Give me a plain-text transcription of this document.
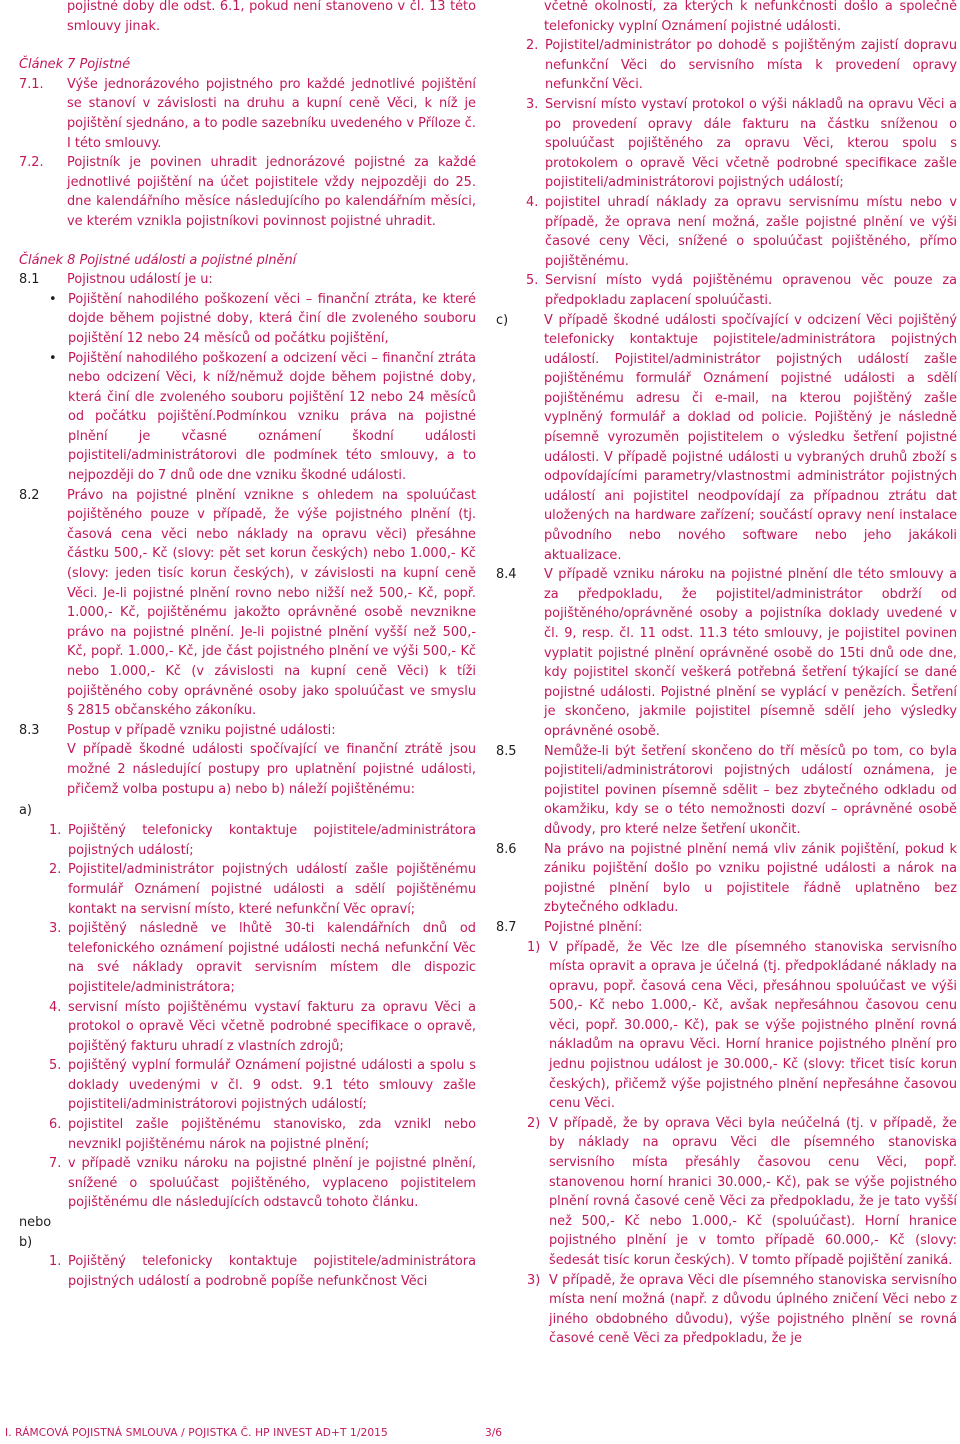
pojistné doby dle odst. 6.1, pokud není stanoveno v čl. 13 této smlouvy jinak.

Článek 7 Pojistné

7.1.	Výše jednorázového pojistného pro každé jednotlivé pojištění se stanoví v závislosti na druhu a kupní ceně Věci, k níž je pojištění sjednáno, a to podle sazebníku uvedeného v Příloze č. I této smlouvy.
7.2.	Pojistník je povinen uhradit jednorázové pojistné za každé jednotlivé pojištění na účet pojistitele vždy nejpozději do 25. dne kalendářního měsíce následujícího po kalendářním měsíci, ve kterém vznikla pojistníkovi povinnost pojistné uhradit.

Článek 8 Pojistné události a pojistné plnění

8.1	Pojistnou událostí je u:
• Pojištění nahodilého poškození věci – finanční ztráta, ke které dojde během pojistné doby, která činí dle zvoleného souboru pojištění 12 nebo 24 měsíců od počátku pojištění,
• Pojištění nahodilého poškození a odcizení věci – finanční ztráta nebo odcizení Věci, k níž/němuž dojde během pojistné doby, která činí dle zvoleného souboru pojištění 12 nebo 24 měsíců od počátku pojištění.Podmínkou vzniku práva na pojistné plnění je včasné oznámení škodní události pojistiteli/administrátorovi dle podmínek této smlouvy, a to nejpozději do 7 dnů ode dne vzniku škodné události.
8.2	Právo na pojistné plnění vznikne s ohledem na spoluúčast pojištěného pouze v případě, že výše pojistného plnění (tj. časová cena věci nebo náklady na opravu věci) přesáhne částku 500,- Kč (slovy: pět set korun českých) nebo 1.000,- Kč (slovy: jeden tisíc korun českých), v závislosti na kupní ceně Věci. Je-li pojistné plnění rovno nebo nižší než 500,- Kč, popř. 1.000,- Kč, pojištěnému jakožto oprávněné osobě nevznikne právo na pojistné plnění. Je-li pojistné plnění vyšší než 500,- Kč, popř. 1.000,- Kč, jde část pojistného plnění ve výši 500,- Kč nebo 1.000,- Kč (v závislosti na kupní ceně Věci) k tíži pojištěného coby oprávněné osoby jako spoluúčast ve smyslu § 2815 občanského zákoníku.
8.3	Postup v případě vzniku pojistné události:
V případě škodné události spočívající ve finanční ztrátě jsou možné 2 následující postupy pro uplatnění pojistné události, přičemž volba postupu a) nebo b) náleží pojištěnému:
a)
1. Pojištěný telefonicky kontaktuje pojistitele/administrátora pojistných událostí;
2. Pojistitel/administrátor pojistných událostí zašle pojištěnému formulář Oznámení pojistné události a sdělí pojištěnému kontakt na servisní místo, které nefunkční Věc opraví;
3. pojištěný následně ve lhůtě 30-ti kalendářních dnů od telefonického oznámení pojistné události nechá nefunkční Věc na své náklady opravit servisním místem dle dispozic pojistitele/administrátora;
4. servisní místo pojištěnému vystaví fakturu za opravu Věci a protokol o opravě Věci včetně podrobné specifikace o opravě, pojištěný fakturu uhradí z vlastních zdrojů;
5. pojištěný vyplní formulář Oznámení pojistné události a spolu s doklady uvedenými v čl. 9 odst. 9.1 této smlouvy zašle pojistiteli/administrátorovi pojistných událostí;
6. pojistitel zašle pojištěnému stanovisko, zda vznikl nebo nevznikl pojištěnému nárok na pojistné plnění;
7. v případě vzniku nároku na pojistné plnění je pojistné plnění, snížené o spoluúčast pojištěného, vyplaceno pojistitelem pojištěnému dle následujících odstavců tohoto článku.
nebo
b)
1. Pojištěný telefonicky kontaktuje pojistitele/administrátora pojistných událostí a podrobně popíše nefunkčnost Věci

včetně okolností, za kterých k nefunkčnosti došlo a společně telefonicky vyplní Oznámení pojistné události.

2. Pojistitel/administrátor po dohodě s pojištěným zajistí dopravu nefunkční Věci do servisního místa k provedení opravy nefunkční Věci.
3. Servisní místo vystaví protokol o výši nákladů na opravu Věci a po provedení opravy dále fakturu na částku sníženou o spoluúčast pojištěného za opravu Věci, kterou spolu s protokolem o opravě Věci včetně podrobné specifikace zašle pojistiteli/administrátorovi pojistných událostí;
4. pojistitel uhradí náklady za opravu servisnímu místu nebo v případě, že oprava není možná, zašle pojistné plnění ve výši časové ceny Věci, snížené o spoluúčast pojištěného, přímo pojištěnému.
5. Servisní místo vydá pojištěnému opravenou věc pouze za předpokladu zaplacení spoluúčasti.
c)	V případě škodné události spočívající v odcizení Věci pojištěný telefonicky kontaktuje pojistitele/administrátora pojistných událostí. Pojistitel/administrátor pojistných událostí zašle pojištěnému formulář Oznámení pojistné události a sdělí pojištěnému adresu či e-mail, na kterou pojištěný zašle vyplněný formulář a doklad od policie. Pojištěný je následně písemně vyrozuměn pojistitelem o výsledku šetření pojistné události. V případě pojistné události u vybraných druhů zboží s odpovídajícími parametry/vlastnostmi administrátor pojistných událostí ani pojistitel neodpovídají za případnou ztrátu dat uložených na hardware zařízení; součástí opravy není instalace původního nebo nového software nebo jeho jakákoli aktualizace.
8.4	V případě vzniku nároku na pojistné plnění dle této smlouvy a za předpokladu, že pojistitel/administrátor obdrží od pojištěného/oprávněné osoby a pojistníka doklady uvedené v čl. 9, resp. čl. 11 odst. 11.3 této smlouvy, je pojistitel povinen vyplatit pojistné plnění oprávněné osobě do 15ti dnů ode dne, kdy pojistitel skončí veškerá potřebná šetření týkající se dané pojistné události. Pojistné plnění se vyplácí v penězích. Šetření je skončeno, jakmile pojistitel písemně sdělí jeho výsledky oprávněné osobě.
8.5	Nemůže-li být šetření skončeno do tří měsíců po tom, co byla pojistiteli/administrátorovi pojistných událostí oznámena, je pojistitel povinen písemně sdělit – bez zbytečného odkladu od okamžiku, kdy se o této nemožnosti dozví – oprávněné osobě důvody, pro které nelze šetření ukončit.
8.6	Na právo na pojistné plnění nemá vliv zánik pojištění, pokud k zániku pojištění došlo po vzniku pojistné události a nárok na pojistné plnění bylo u pojistitele řádně uplatněno bez zbytečného odkladu.
8.7	Pojistné plnění:
1) V případě, že Věc lze dle písemného stanoviska servisního místa opravit a oprava je účelná (tj. předpokládané náklady na opravu, popř. časová cena Věci, přesáhnou spoluúčast ve výši 500,- Kč nebo 1.000,- Kč, avšak nepřesáhnou časovou cenu věci, popř. 30.000,- Kč), pak se výše pojistného plnění rovná nákladům na opravu Věci. Horní hranice pojistného plnění pro jednu pojistnou událost je 30.000,- Kč (slovy: třicet tisíc korun českých), přičemž výše pojistného plnění nepřesáhne časovou cenu Věci.
2) V případě, že by oprava Věci byla neúčelná (tj. v případě, že by náklady na opravu Věci dle písemného stanoviska servisního místa přesáhly časovou cenu Věci, popř. stanovenou horní hranici 30.000,- Kč), pak se výše pojistného plnění rovná časové ceně Věci za předpokladu, že je tato vyšší než 500,- Kč nebo 1.000,- Kč (spoluúčast). Horní hranice pojistného plnění je v tomto případě 60.000,- Kč (slovy: šedesát tisíc korun českých). V tomto případě pojištění zaniká.
3) V případě, že oprava Věci dle písemného stanoviska servisního místa není možná (např. z důvodu úplného zničení Věci nebo z jiného obdobného důvodu), výše pojistného plnění se rovná časové ceně Věci za předpokladu, že je
I. RÁMCOVÁ POJISTNÁ SMLOUVA / POJISTKA Č. HP INVEST AD+T 1/2015	3/6
